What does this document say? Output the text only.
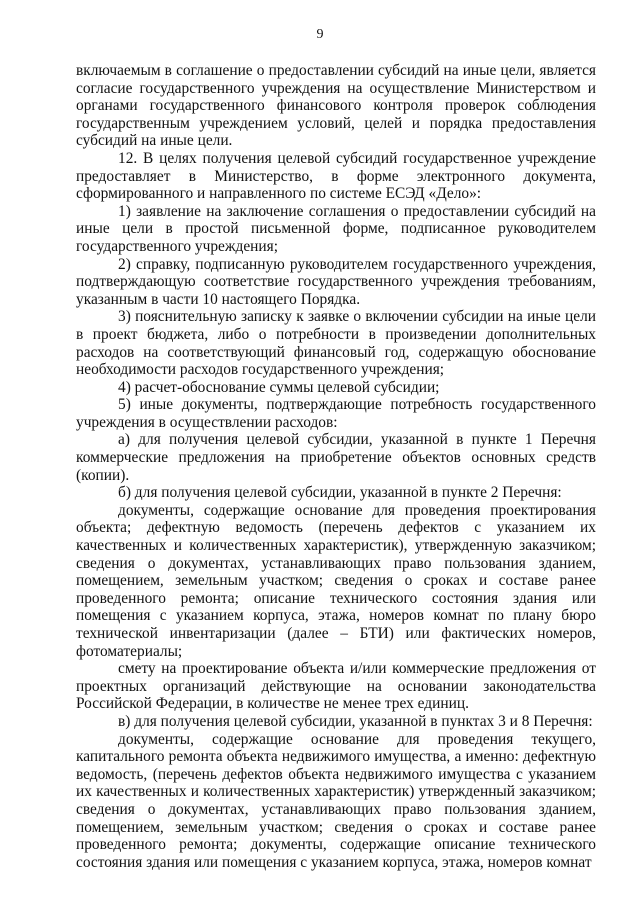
9

включаемым в соглашение о предоставлении субсидий на иные цели, является согласие государственного учреждения на осуществление Министерством и органами государственного финансового контроля проверок соблюдения государственным учреждением условий, целей и порядка предоставления субсидий на иные цели.

12. В целях получения целевой субсидий государственное учреждение предоставляет в Министерство, в форме электронного документа, сформированного и направленного по системе ЕСЭД «Дело»:

1) заявление на заключение соглашения о предоставлении субсидий на иные цели в простой письменной форме, подписанное руководителем государственного учреждения;

2) справку, подписанную руководителем государственного учреждения, подтверждающую соответствие государственного учреждения требованиям, указанным в части 10 настоящего Порядка.

3) пояснительную записку к заявке о включении субсидии на иные цели в проект бюджета, либо о потребности в произведении дополнительных расходов на соответствующий финансовый год, содержащую обоснование необходимости расходов государственного учреждения;

4) расчет-обоснование суммы целевой субсидии;

5) иные документы, подтверждающие потребность государственного учреждения в осуществлении расходов:

а) для получения целевой субсидии, указанной в пункте 1 Перечня коммерческие предложения на приобретение объектов основных средств (копии).

б) для получения целевой субсидии, указанной в пункте 2 Перечня:

документы, содержащие основание для проведения проектирования объекта; дефектную ведомость (перечень дефектов с указанием их качественных и количественных характеристик), утвержденную заказчиком; сведения о документах, устанавливающих право пользования зданием, помещением, земельным участком; сведения о сроках и составе ранее проведенного ремонта; описание технического состояния здания или помещения с указанием корпуса, этажа, номеров комнат по плану бюро технической инвентаризации (далее – БТИ) или фактических номеров, фотоматериалы;

смету на проектирование объекта и/или коммерческие предложения от проектных организаций действующие на основании законодательства Российской Федерации, в количестве не менее трех единиц.

в) для получения целевой субсидии, указанной в пунктах 3 и 8 Перечня:

документы, содержащие основание для проведения текущего, капитального ремонта объекта недвижимого имущества, а именно: дефектную ведомость, (перечень дефектов объекта недвижимого имущества с указанием их качественных и количественных характеристик) утвержденный заказчиком; сведения о документах, устанавливающих право пользования зданием, помещением, земельным участком; сведения о сроках и составе ранее проведенного ремонта; документы, содержащие описание технического состояния здания или помещения с указанием корпуса, этажа, номеров комнат
